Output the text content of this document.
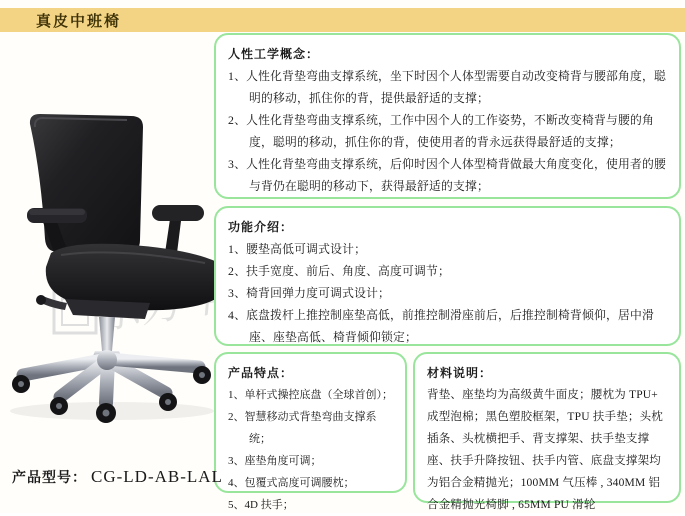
真皮中班椅
人性工学概念：
1、人性化背垫弯曲支撑系统，坐下时因个人体型需要自动改变椅背与腰部角度，聪明的移动，抓住你的背，提供最舒适的支撑；
2、人性化背垫弯曲支撑系统，工作中因个人的工作姿势，不断改变椅背与腰的角度，聪明的移动，抓住你的背，使使用者的背永远获得最舒适的支撑；
3、人性化背垫弯曲支撑系统，后仰时因个人体型椅背做最大角度变化，使用者的腰与背仍在聪明的移动下，获得最舒适的支撑；
功能介绍：
1、腰垫高低可调式设计；
2、扶手宽度、前后、角度、高度可调节；
3、椅背回弹力度可调式设计；
4、底盘拨杆上推控制座垫高低，前推控制滑座前后，后推控制椅背倾仰，居中滑座、座垫高低、椅背倾仰锁定；
产品特点：
1、单杆式操控底盘（全球首创）；
2、智慧移动式背垫弯曲支撑系统；
3、座垫角度可调；
4、包覆式高度可调腰枕；
5、4D 扶手；
材料说明：
背垫、座垫均为高级黄牛面皮；腰枕为 TPU+ 成型泡棉；黑色塑胶框架，TPU 扶手垫；头枕插条、头枕横把手、背支撑架、扶手垫支撑座、扶手升降按钮、扶手内管、底盘支撑架均为铝合金精抛光；100MM 气压棒 , 340MM 铝合金精抛光椅脚 , 65MM PU 滑轮
产品型号： CG-LD-AB-LAL
